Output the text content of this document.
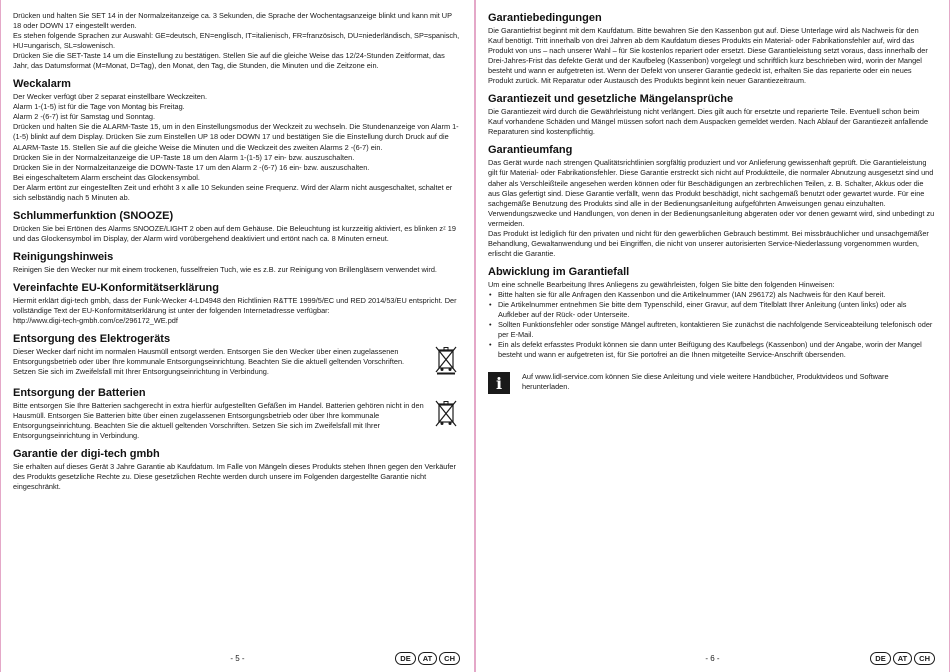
Drücken und halten Sie SET 14 in der Normalzeitanzeige ca. 3 Sekunden, die Sprache der Wochentagsanzeige blinkt und kann mit UP 18 oder DOWN 17 eingestellt werden.

Es stehen folgende Sprachen zur Auswahl: GE=deutsch, EN=englisch, IT=italienisch, FR=französisch, DU=niederländisch, SP=spanisch, HU=ungarisch, SL=slowenisch.

Drücken Sie die SET-Taste 14 um die Einstellung zu bestätigen. Stellen Sie auf die gleiche Weise das 12/24-Stunden Zeitformat, das Jahr, das Datumsformat (M=Monat, D=Tag), den Monat, den Tag, die Stunden, die Minuten und die Zeitzone ein.

Weckalarm

Der Wecker verfügt über 2 separat einstellbare Weckzeiten.

Alarm 1-(1-5) ist für die Tage von Montag bis Freitag.

Alarm 2 -(6-7) ist für Samstag und Sonntag.

Drücken und halten Sie die ALARM-Taste 15, um in den Einstellungsmodus der Weckzeit zu wechseln. Die Stundenanzeige von Alarm 1-(1-5) blinkt auf dem Display. Drücken Sie zum Einstellen UP 18 oder DOWN 17 und bestätigen Sie die Einstellung durch Druck auf die ALARM-Taste 15. Stellen Sie auf die gleiche Weise die Minuten und die Weckzeit des zweiten Alarms 2 -(6-7) ein.

Drücken Sie in der Normalzeitanzeige die UP-Taste 18 um den Alarm 1-(1-5) 17 ein- bzw. auszuschalten.

Drücken Sie in der Normalzeitanzeige die DOWN-Taste 17 um den Alarm 2 -(6-7) 16 ein- bzw. auszuschalten.

Bei eingeschaltetem Alarm erscheint das Glockensymbol.

Der Alarm ertönt zur eingestellten Zeit und erhöht 3 x alle 10 Sekunden seine Frequenz. Wird der Alarm nicht ausgeschaltet, schaltet er sich selbständig nach 5 Minuten ab.

Schlummerfunktion (SNOOZE)

Drücken Sie bei Ertönen des Alarms SNOOZE/LIGHT 2 oben auf dem Gehäuse. Die Beleuchtung ist kurzzeitig aktiviert, es blinken zᶻ 19 und das Glockensymbol im Display, der Alarm wird vorübergehend deaktiviert und ertönt nach ca. 8 Minuten erneut.

Reinigungshinweis

Reinigen Sie den Wecker nur mit einem trockenen, fusselfreien Tuch, wie es z.B. zur Reinigung von Brillengläsern verwendet wird.

Vereinfachte EU-Konformitätserklärung

Hiermit erklärt digi-tech gmbh, dass der Funk-Wecker 4-LD4948 den Richtlinien R&TTE 1999/5/EC und RED 2014/53/EU entspricht. Der vollständige Text der EU-Konformitätserklärung ist unter der folgenden Internetadresse verfügbar:

http://www.digi-tech-gmbh.com/ce/296172_WE.pdf

Entsorgung des Elektrogeräts

Dieser Wecker darf nicht im normalen Hausmüll entsorgt werden. Entsorgen Sie den Wecker über einen zugelassenen Entsorgungsbetrieb oder über Ihre kommunale Entsorgungseinrichtung. Beachten Sie die aktuell geltenden Vorschriften. Setzen Sie sich im Zweifelsfall mit Ihrer Entsorgungseinrichtung in Verbindung.

Entsorgung der Batterien

Bitte entsorgen Sie Ihre Batterien sachgerecht in extra hierfür aufgestellten Gefäßen im Handel. Batterien gehören nicht in den Hausmüll. Entsorgen Sie Batterien bitte über einen zugelassenen Entsorgungsbetrieb oder über Ihre kommunale Entsorgungseinrichtung. Beachten Sie die aktuell geltenden Vorschriften. Setzen Sie sich im Zweifelsfall mit Ihrer Entsorgungseinrichtung in Verbindung.

Garantie der digi-tech gmbh

Sie erhalten auf dieses Gerät 3 Jahre Garantie ab Kaufdatum. Im Falle von Mängeln dieses Produkts stehen Ihnen gegen den Verkäufer des Produkts gesetzliche Rechte zu. Diese gesetzlichen Rechte werden durch unsere im Folgenden dargestellte Garantie nicht eingeschränkt.

- 5 -	DE	AT	CH
Garantiebedingungen

Die Garantiefrist beginnt mit dem Kaufdatum. Bitte bewahren Sie den Kassenbon gut auf. Diese Unterlage wird als Nachweis für den Kauf benötigt. Tritt innerhalb von drei Jahren ab dem Kaufdatum dieses Produkts ein Material- oder Fabrikationsfehler auf, wird das Produkt von uns – nach unserer Wahl – für Sie kostenlos repariert oder ersetzt. Diese Garantieleistung setzt voraus, dass innerhalb der Drei-Jahres-Frist das defekte Gerät und der Kaufbeleg (Kassenbon) vorgelegt und schriftlich kurz beschrieben wird, worin der Mangel besteht und wann er aufgetreten ist. Wenn der Defekt von unserer Garantie gedeckt ist, erhalten Sie das reparierte oder ein neues Produkt zurück. Mit Reparatur oder Austausch des Produkts beginnt kein neuer Garantiezeitraum.

Garantiezeit und gesetzliche Mängelansprüche

Die Garantiezeit wird durch die Gewährleistung nicht verlängert. Dies gilt auch für ersetzte und reparierte Teile. Eventuell schon beim Kauf vorhandene Schäden und Mängel müssen sofort nach dem Auspacken gemeldet werden. Nach Ablauf der Garantiezeit anfallende Reparaturen sind kostenpflichtig.

Garantieumfang

Das Gerät wurde nach strengen Qualitätsrichtlinien sorgfältig produziert und vor Anlieferung gewissenhaft geprüft. Die Garantieleistung gilt für Material- oder Fabrikationsfehler. Diese Garantie erstreckt sich nicht auf Produktteile, die normaler Abnutzung ausgesetzt sind und daher als Verschleißteile angesehen werden können oder für Beschädigungen an zerbrechlichen Teilen, z. B. Schalter, Akkus oder die aus Glas gefertigt sind. Diese Garantie verfällt, wenn das Produkt beschädigt, nicht sachgemäß benutzt oder gewartet wurde. Für eine sachgemäße Benutzung des Produkts sind alle in der Bedienungsanleitung aufgeführten Anweisungen genau einzuhalten. Verwendungszwecke und Handlungen, von denen in der Bedienungsanleitung abgeraten oder vor denen gewarnt wird, sind unbedingt zu vermeiden.

Das Produkt ist lediglich für den privaten und nicht für den gewerblichen Gebrauch bestimmt. Bei missbräuchlicher und unsachgemäßer Behandlung, Gewaltanwendung und bei Eingriffen, die nicht von unserer autorisierten Service-Niederlassung vorgenommen wurden, erlischt die Garantie.

Abwicklung im Garantiefall

Um eine schnelle Bearbeitung Ihres Anliegens zu gewährleisten, folgen Sie bitte den folgenden Hinweisen:

• Bitte halten sie für alle Anfragen den Kassenbon und die Artikelnummer (IAN 296172) als Nachweis für den Kauf bereit.
• Die Artikelnummer entnehmen Sie bitte dem Typenschild, einer Gravur, auf dem Titelblatt Ihrer Anleitung (unten links) oder als Aufkleber auf der Rück- oder Unterseite.
• Sollten Funktionsfehler oder sonstige Mängel auftreten, kontaktieren Sie zunächst die nachfolgende Serviceabteilung telefonisch oder per E-Mail.
• Ein als defekt erfasstes Produkt können sie dann unter Beifügung des Kaufbelegs (Kassenbon) und der Angabe, worin der Mangel besteht und wann er aufgetreten ist, für Sie portofrei an die Ihnen mitgeteilte Service-Anschrift übersenden.
i	Auf www.lidl-service.com können Sie diese Anleitung und viele weitere Handbücher, Produktvideos und Software herunterladen.

- 6 -	DE	AT	CH
